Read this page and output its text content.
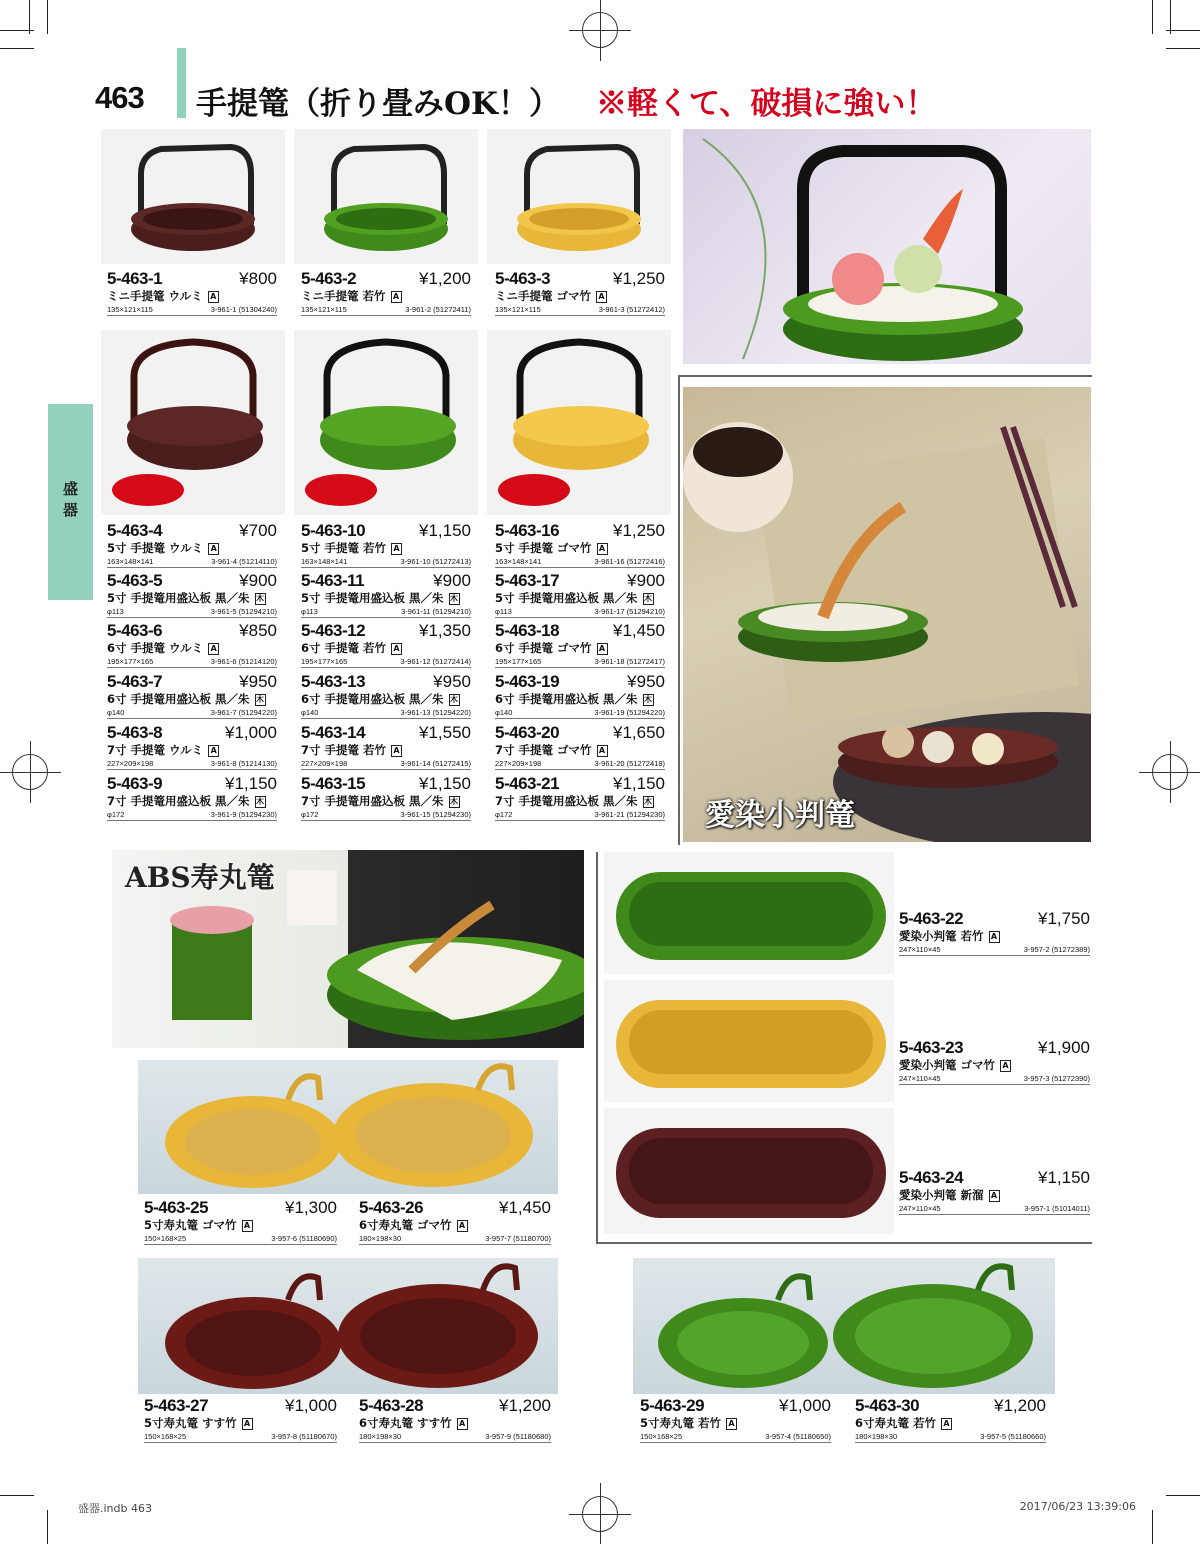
463 手提篭（折り畳みOK！） ※軽くて、破損に強い！
盛器
5-463-1	¥800
ミニ手提篭 ウルミ A
135×121×115	3-961-1 (51304240)
5-463-2	¥1,200
ミニ手提篭 若竹 A
135×121×115	3-961-2 (51272411)
5-463-3	¥1,250
ミニ手提篭 ゴマ竹 A
135×121×115	3-961-3 (51272412)
5-463-4	¥700
5寸 手提篭 ウルミ A
163×148×141	3-961-4 (51214110)
5-463-5	¥900
5寸 手提篭用盛込板 黒／朱 木
φ113	3-961-5 (51294210)
5-463-6	¥850
6寸 手提篭 ウルミ A
195×177×165	3-961-6 (51214120)
5-463-7	¥950
6寸 手提篭用盛込板 黒／朱 木
φ140	3-961-7 (51294220)
5-463-8	¥1,000
7寸 手提篭 ウルミ A
227×209×198	3-961-8 (51214130)
5-463-9	¥1,150
7寸 手提篭用盛込板 黒／朱 木
φ172	3-961-9 (51294230)
5-463-10	¥1,150
5寸 手提篭 若竹 A
163×148×141	3-961-10 (51272413)
5-463-11	¥900
5寸 手提篭用盛込板 黒／朱 木
φ113	3-961-11 (51294210)
5-463-12	¥1,350
6寸 手提篭 若竹 A
195×177×165	3-961-12 (51272414)
5-463-13	¥950
6寸 手提篭用盛込板 黒／朱 木
φ140	3-961-13 (51294220)
5-463-14	¥1,550
7寸 手提篭 若竹 A
227×209×198	3-961-14 (51272415)
5-463-15	¥1,150
7寸 手提篭用盛込板 黒／朱 木
φ172	3-961-15 (51294230)
5-463-16	¥1,250
5寸 手提篭 ゴマ竹 A
163×148×141	3-961-16 (51272416)
5-463-17	¥900
5寸 手提篭用盛込板 黒／朱 木
φ113	3-961-17 (51294210)
5-463-18	¥1,450
6寸 手提篭 ゴマ竹 A
195×177×165	3-961-18 (51272417)
5-463-19	¥950
6寸 手提篭用盛込板 黒／朱 木
φ140	3-961-19 (51294220)
5-463-20	¥1,650
7寸 手提篭 ゴマ竹 A
227×209×198	3-961-20 (51272418)
5-463-21	¥1,150
7寸 手提篭用盛込板 黒／朱 木
φ172	3-961-21 (51294230) 愛染小判篭
ABS寿丸篭
5-463-22	¥1,750
愛染小判篭 若竹 A
247×110×45	3-957-2 (51272389)
5-463-23	¥1,900
愛染小判篭 ゴマ竹 A
247×110×45	3-957-3 (51272390)
5-463-24	¥1,150
愛染小判篭 新溜 A
247×110×45	3-957-1 (51014011)
5-463-25	¥1,300
5寸寿丸篭 ゴマ竹 A
150×168×25	3-957-6 (51180690)
5-463-26	¥1,450
6寸寿丸篭 ゴマ竹 A
180×198×30	3-957-7 (51180700)
5-463-27	¥1,000
5寸寿丸篭 すす竹 A
150×168×25	3-957-8 (51180670)
5-463-28	¥1,200
6寸寿丸篭 すす竹 A
180×198×30	3-957-9 (51180680)
5-463-29	¥1,000
5寸寿丸篭 若竹 A
150×168×25	3-957-4 (51180650)
5-463-30	¥1,200
6寸寿丸篭 若竹 A
180×198×30	3-957-5 (51180660)
盛器.indb 463	2017/06/23 13:39:06
